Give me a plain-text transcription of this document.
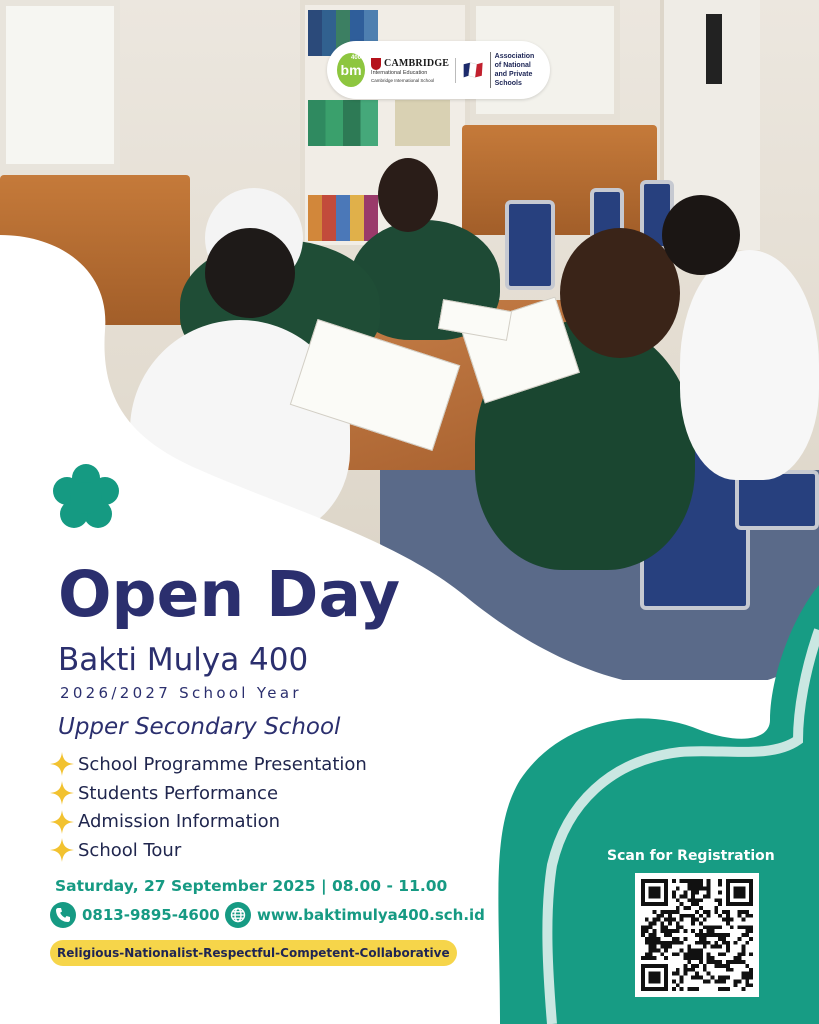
bm
400 CAMBRIDGE
International Education
Cambridge International School
Association of National and Private Schools
Open Day
Bakti Mulya 400
2026/2027 School Year
Upper Secondary School
School Programme Presentation
Students Performance
Admission Information
School Tour
Saturday, 27 September 2025 | 08.00 - 11.00
0813-9895-4600 www.baktimulya400.sch.id
Religious-Nationalist-Respectful-Competent-Collaborative
Scan for Registration
